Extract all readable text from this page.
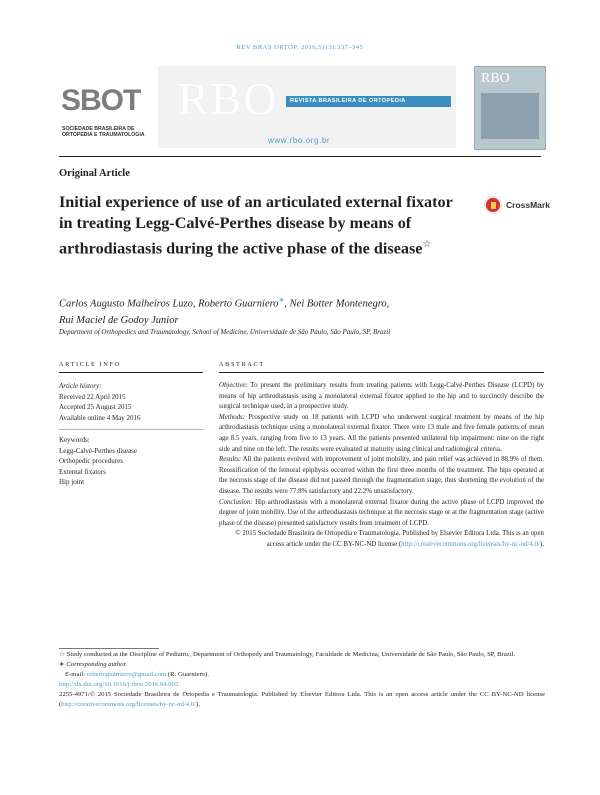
REV BRAS ORTOP. 2016;51(3):337–345
SBOT
SOCIEDADE BRASILEIRA DE
ORTOPEDIA E TRAUMATOLOGIA
RBO	REVISTA BRASILEIRA DE ORTOPEDIA
www.rbo.org.br
RBO
Original Article
Initial experience of use of an articulated external fixator in treating Legg-Calvé-Perthes disease by means of arthrodiastasis during the active phase of the disease☆
CrossMark
Carlos Augusto Malheiros Luzo, Roberto Guarniero∗, Nei Botter Montenegro,
Rui Maciel de Godoy Junior
Department of Orthopedics and Traumatology, School of Medicine, Universidade de São Paulo, São Paulo, SP, Brazil
ARTICLE INFO	ABSTRACT
Article history:
Received 22 April 2015
Accepted 25 August 2015
Available online 4 May 2016
Keywords:
Legg-Calvé-Perthes disease
Orthopedic procedures
External fixators
Hip joint
Objective: To present the preliminary results from treating patients with Legg-Calvé-Perthes Disease (LCPD) by means of hip arthrodiastasis using a monolateral external fixator applied to the hip and to succinctly describe the surgical technique used, in a prospective study.
Methods: Prospective study on 18 patients with LCPD who underwent surgical treatment by means of the hip arthrodiastasis technique using a monolateral external fixator. There were 13 male and five female patients of mean age 8.5 years, ranging from five to 13 years. All the patients presented unilateral hip impairment: nine on the right side and nine on the left. The results were evaluated at maturity using clinical and radiological criteria.
Results: All the patients evolved with improvement of joint mobility, and pain relief was achieved in 88.9% of them. Reossification of the femoral epiphysis occurred within the first three months of the treatment. The hips operated at the necrosis stage of the disease did not passed through the fragmentation stage, thus shortening the evolution of the disease. The results were 77.8% satisfactory and 22.2% unsatisfactory.
Conclusion: Hip arthrodiastasis with a monolateral external fixator during the active phase of LCPD improved the degree of joint mobility. Use of the arthrodiastasis technique at the necrosis stage or at the fragmentation stage (active phase of the disease) presented satisfactory results from treatment of LCPD.
© 2015 Sociedade Brasileira de Ortopedia e Traumatologia. Published by Elsevier Editora Ltda. This is an open access article under the CC BY-NC-ND license (http://creativecommons.org/licenses/by-nc-nd/4.0/).
☆ Study conducted at the Discipline of Pediatric, Department of Orthopedy and Traumatology, Faculdade de Medicina, Universidade de São Paulo, São Paulo, SP, Brazil.
∗ Corresponding author.
E-mail: robertoguarniero@gmail.com (R. Guarniero).
http://dx.doi.org/10.1016/j.rboe.2016.04.005
2255-4971/© 2015 Sociedade Brasileira de Ortopedia e Traumatologia. Published by Elsevier Editora Ltda. This is an open access article under the CC BY-NC-ND license (http://creativecommons.org/licenses/by-nc-nd/4.0/).
